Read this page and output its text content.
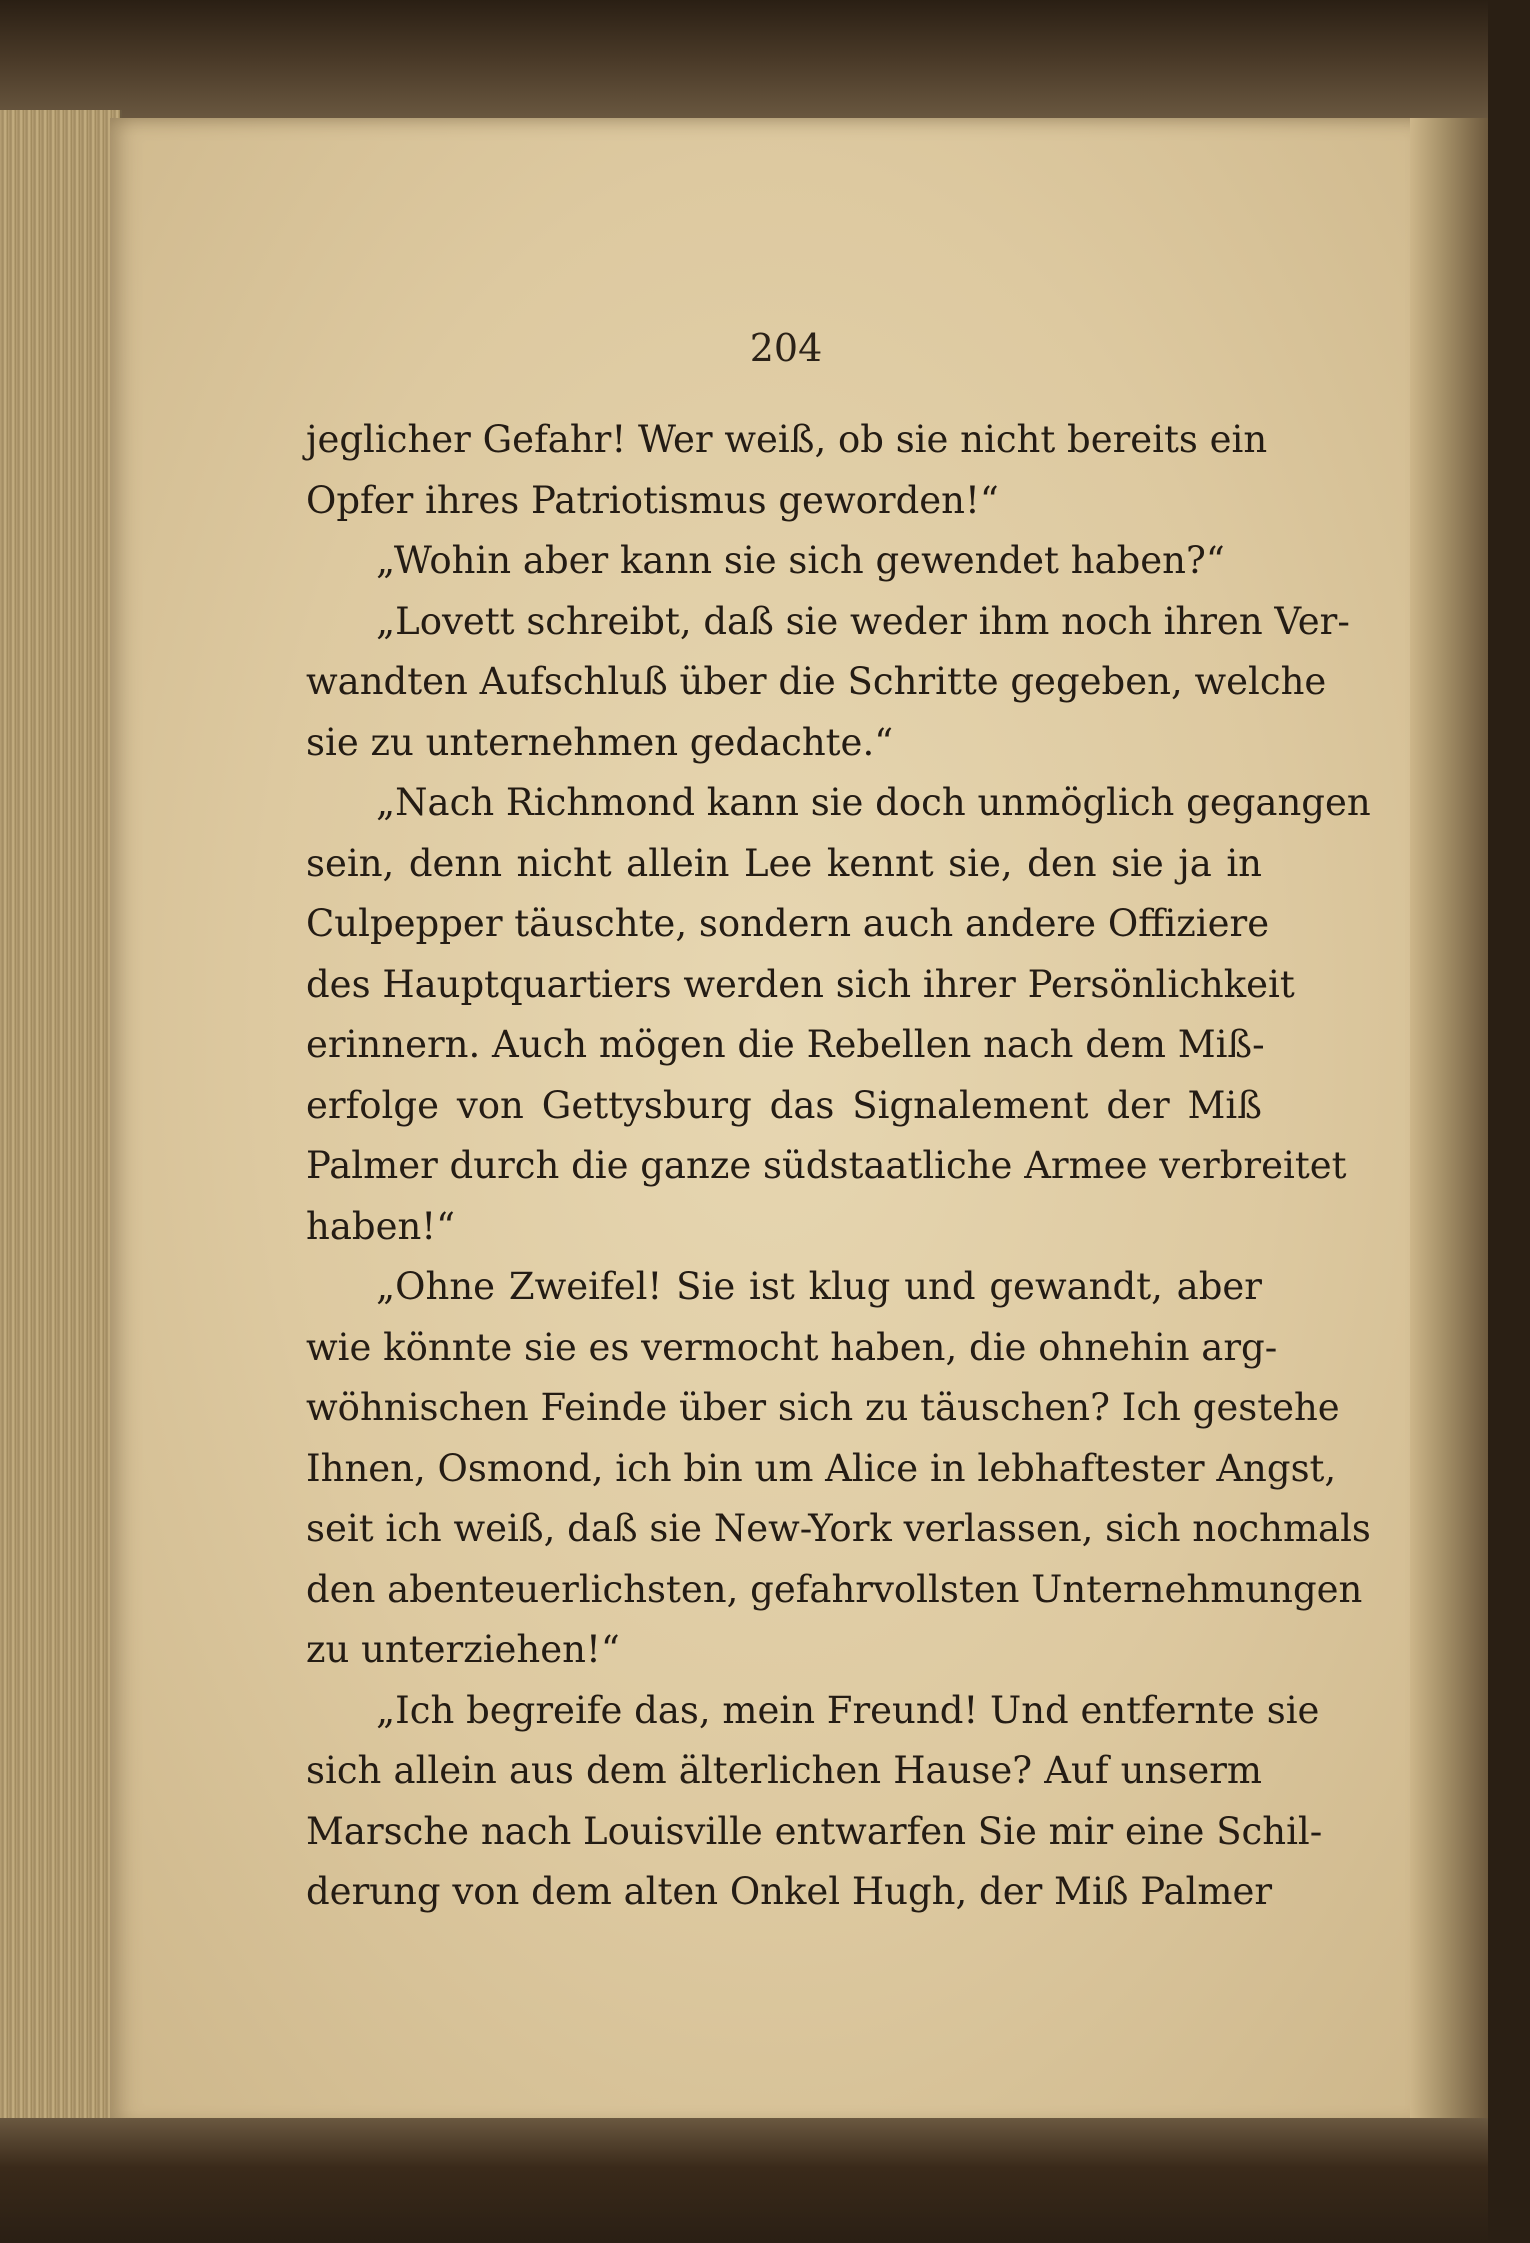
204
jeglicher Gefahr! Wer weiß, ob sie nicht bereits ein
Opfer ihres Patriotismus geworden!“
„Wohin aber kann sie sich gewendet haben?“
„Lovett schreibt, daß sie weder ihm noch ihren Ver-
wandten Aufschluß über die Schritte gegeben, welche
sie zu unternehmen gedachte.“
„Nach Richmond kann sie doch unmöglich gegangen
sein, denn nicht allein Lee kennt sie, den sie ja in
Culpepper täuschte, sondern auch andere Offiziere
des Hauptquartiers werden sich ihrer Persönlichkeit
erinnern. Auch mögen die Rebellen nach dem Miß-
erfolge von Gettysburg das Signalement der Miß
Palmer durch die ganze südstaatliche Armee verbreitet
haben!“
„Ohne Zweifel! Sie ist klug und gewandt, aber
wie könnte sie es vermocht haben, die ohnehin arg-
wöhnischen Feinde über sich zu täuschen? Ich gestehe
Ihnen, Osmond, ich bin um Alice in lebhaftester Angst,
seit ich weiß, daß sie New-York verlassen, sich nochmals
den abenteuerlichsten, gefahrvollsten Unternehmungen
zu unterziehen!“
„Ich begreife das, mein Freund! Und entfernte sie
sich allein aus dem älterlichen Hause? Auf unserm
Marsche nach Louisville entwarfen Sie mir eine Schil-
derung von dem alten Onkel Hugh, der Miß Palmer
